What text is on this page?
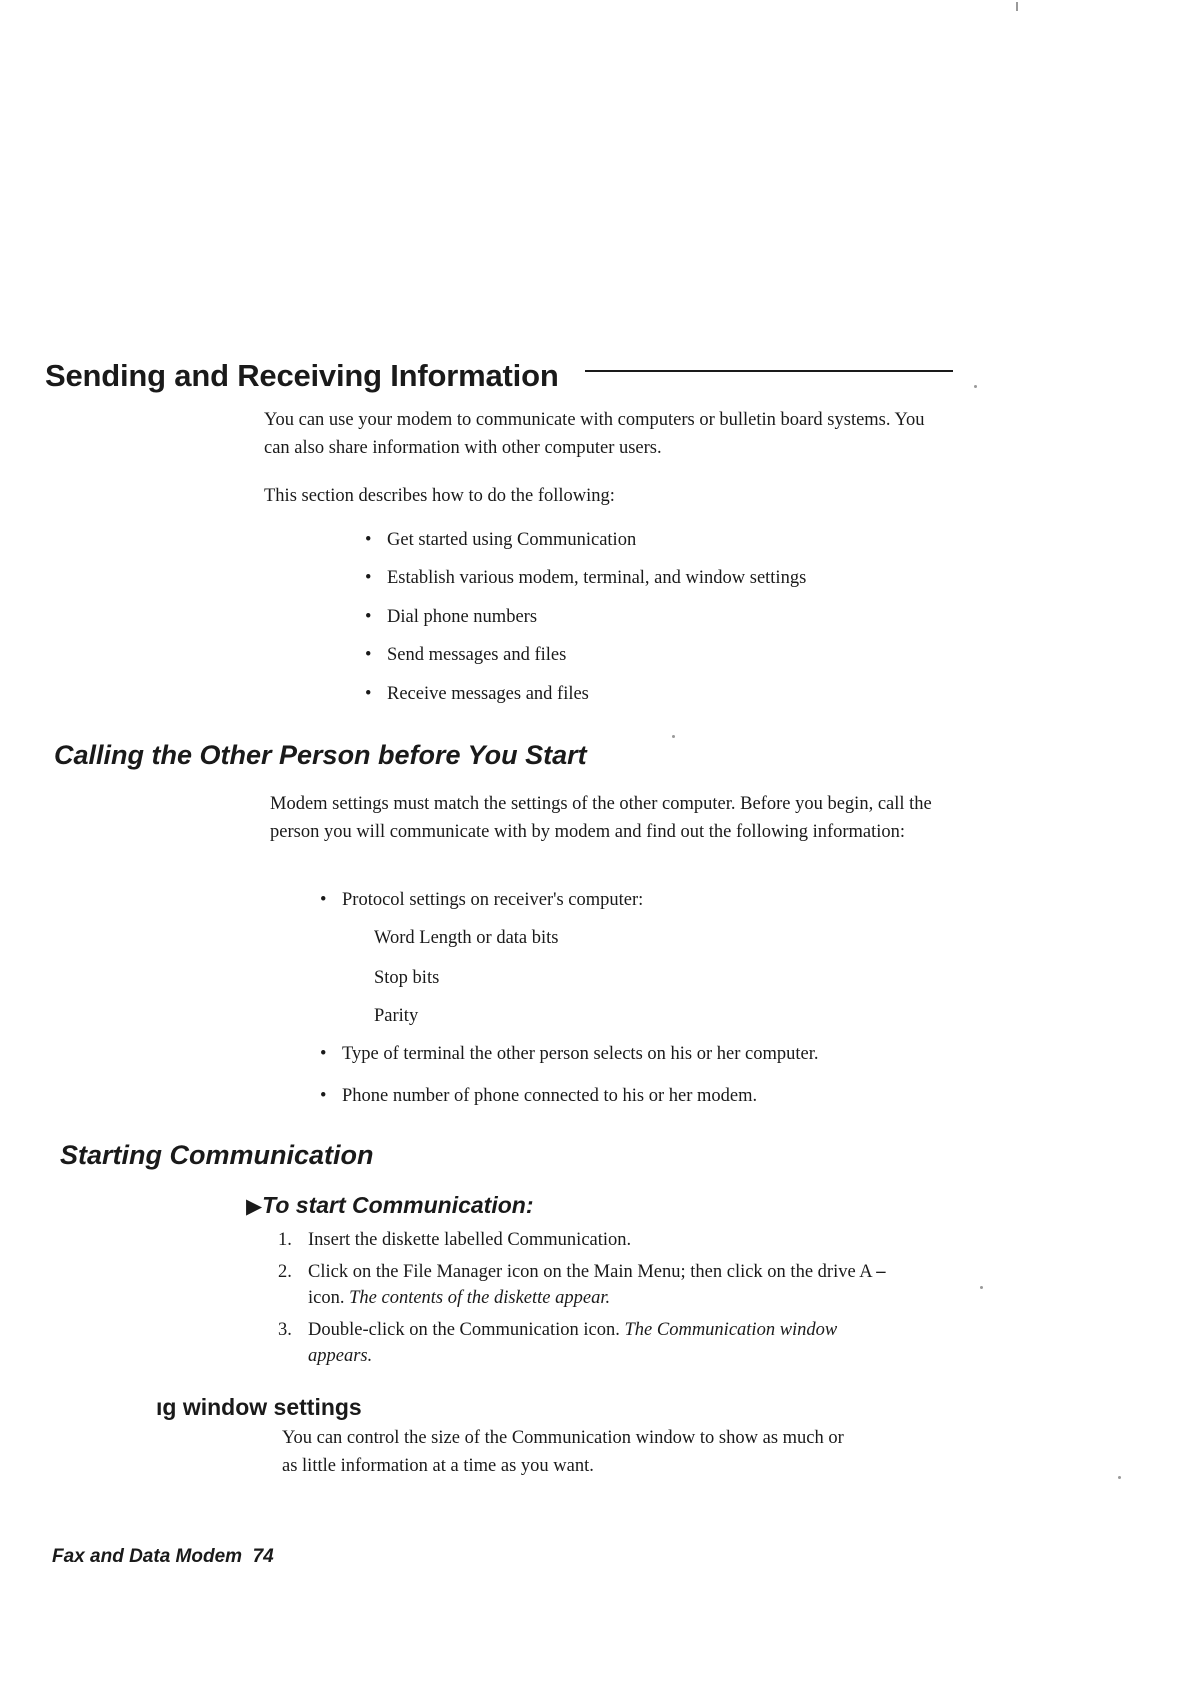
Sending and Receiving Information
You can use your modem to communicate with computers or bulletin board systems. You can also share information with other computer users.
This section describes how to do the following:
• Get started using Communication
• Establish various modem, terminal, and window settings
• Dial phone numbers
• Send messages and files
• Receive messages and files
Calling the Other Person before You Start
Modem settings must match the settings of the other computer. Before you begin, call the person you will communicate with by modem and find out the following information:
• Protocol settings on receiver's computer:
Word Length or data bits
Stop bits
Parity
• Type of terminal the other person selects on his or her computer.
• Phone number of phone connected to his or her modem.
Starting Communication
▶To start Communication:
1. Insert the diskette labelled Communication.
2. Click on the File Manager icon on the Main Menu; then click on the drive A –
icon. The contents of the diskette appear.
3. Double-click on the Communication icon. The Communication window
appears.
ıg window settings
You can control the size of the Communication window to show as much or
as little information at a time as you want.
Fax and Data Modem 74
